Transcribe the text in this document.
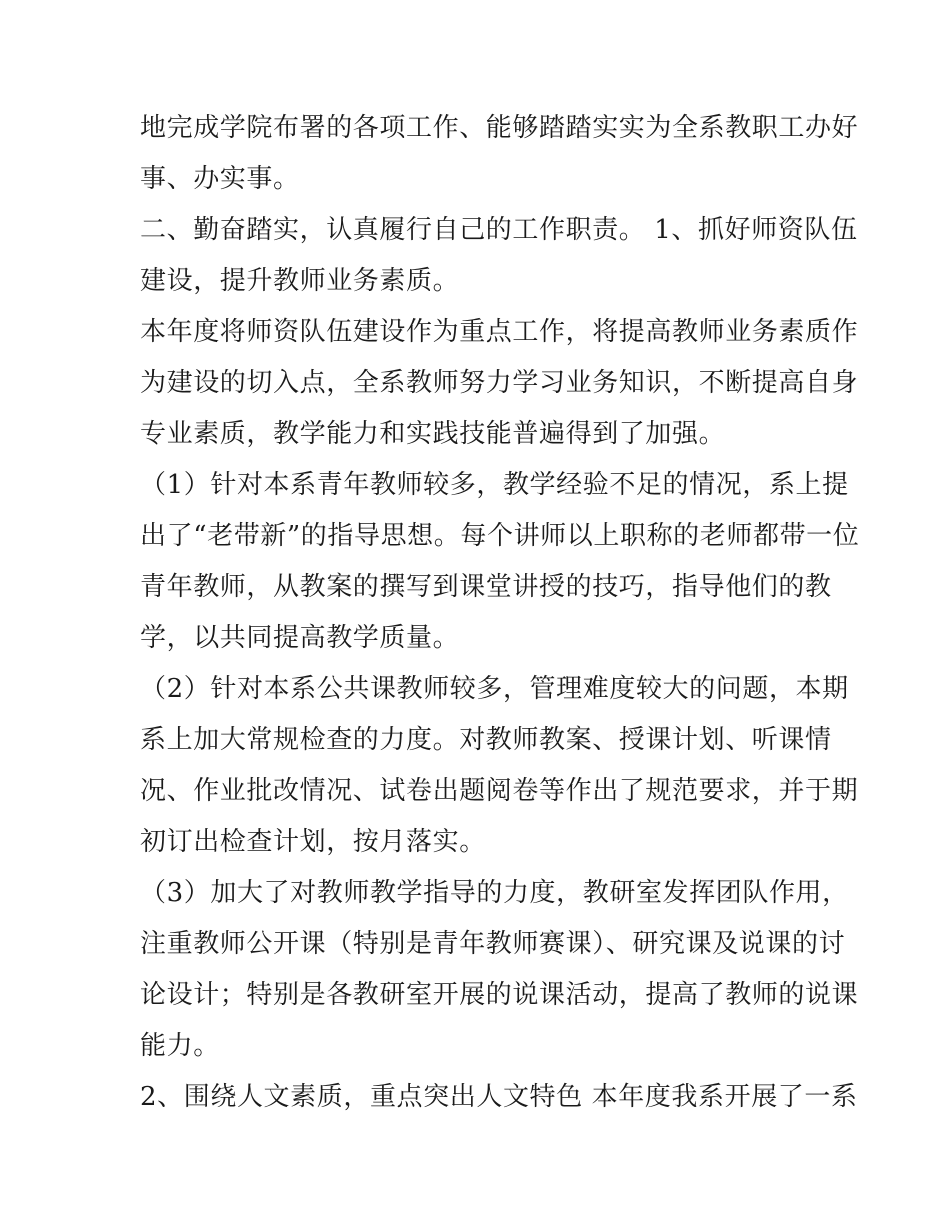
地完成学院布署的各项工作、能够踏踏实实为全系教职工办好
事、办实事。
二、勤奋踏实，认真履行自己的工作职责。 1、抓好师资队伍
建设，提升教师业务素质。
本年度将师资队伍建设作为重点工作，将提高教师业务素质作
为建设的切入点，全系教师努力学习业务知识，不断提高自身
专业素质，教学能力和实践技能普遍得到了加强。
（1）针对本系青年教师较多，教学经验不足的情况，系上提
出了“老带新”的指导思想。每个讲师以上职称的老师都带一位
青年教师，从教案的撰写到课堂讲授的技巧，指导他们的教
学，以共同提高教学质量。
（2）针对本系公共课教师较多，管理难度较大的问题，本期
系上加大常规检查的力度。对教师教案、授课计划、听课情
况、作业批改情况、试卷出题阅卷等作出了规范要求，并于期
初订出检查计划，按月落实。
（3）加大了对教师教学指导的力度，教研室发挥团队作用，
注重教师公开课（特别是青年教师赛课）、研究课及说课的讨
论设计；特别是各教研室开展的说课活动，提高了教师的说课
能力。
2、围绕人文素质，重点突出人文特色 本年度我系开展了一系
